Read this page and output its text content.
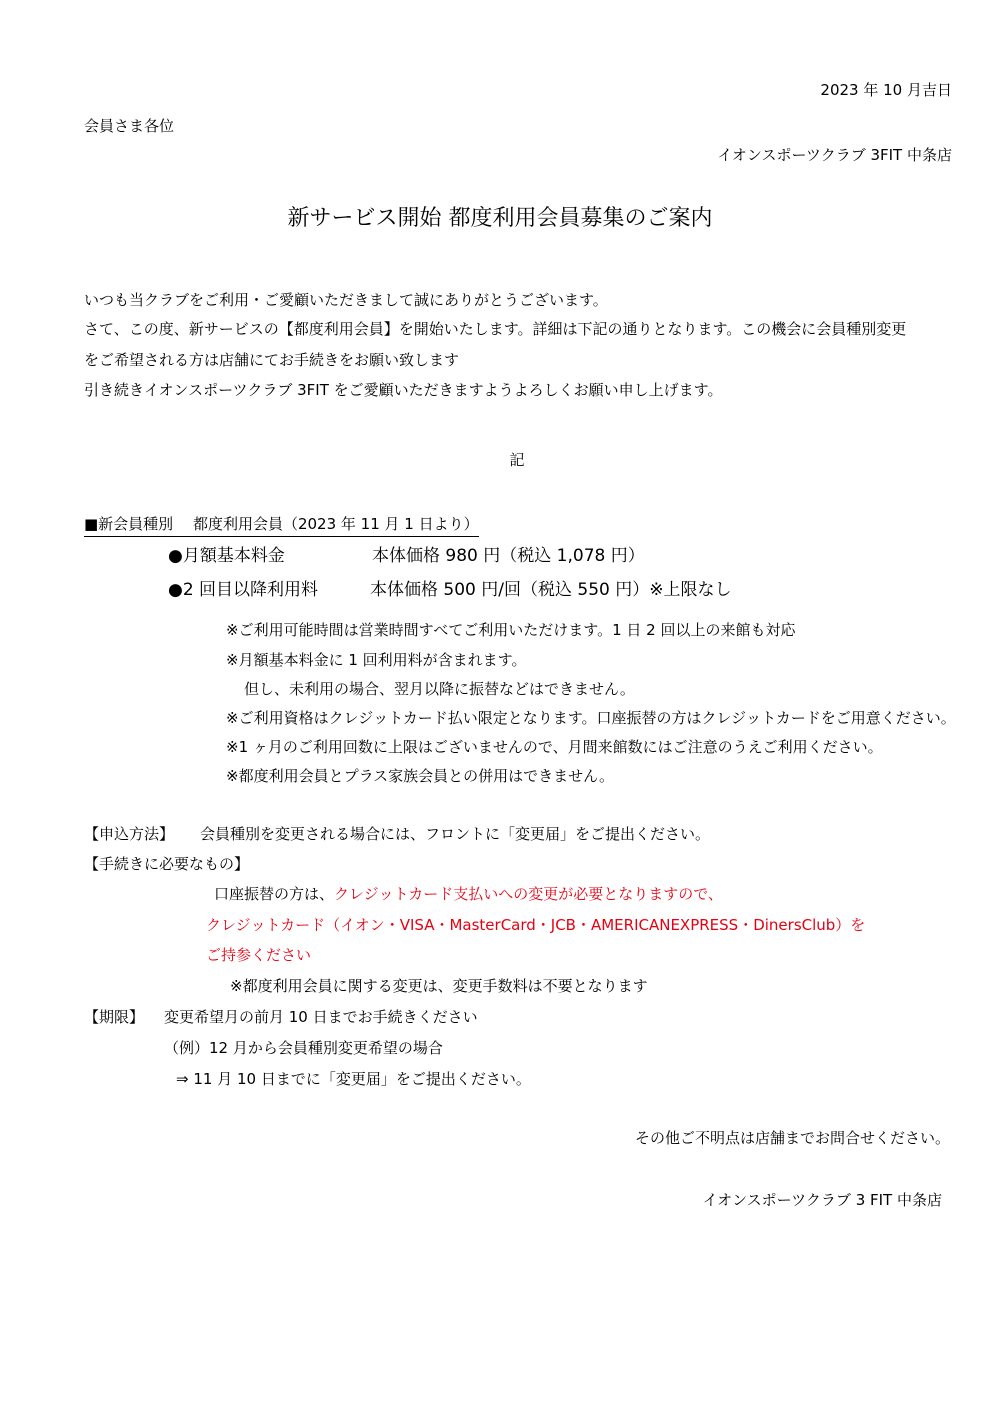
2023 年 10 月吉日
会員さま各位
イオンスポーツクラブ 3FIT 中条店
新サービス開始 都度利用会員募集のご案内
いつも当クラブをご利用・ご愛顧いただきまして誠にありがとうございます。
さて、この度、新サービスの【都度利用会員】を開始いたします。詳細は下記の通りとなります。この機会に会員種別変更
をご希望される方は店舗にてお手続きをお願い致します
引き続きイオンスポーツクラブ 3FIT をご愛顧いただきますようよろしくお願い申し上げます。
記
■新会員種別　 都度利用会員（2023 年 11 月 1 日より）
●月額基本料金	本体価格 980 円（税込 1,078 円）
●2 回目以降利用料	本体価格 500 円/回（税込 550 円）※上限なし
※ご利用可能時間は営業時間すべてご利用いただけます。1 日 2 回以上の来館も対応
※月額基本料金に 1 回利用料が含まれます。
但し、未利用の場合、翌月以降に振替などはできません。
※ご利用資格はクレジットカード払い限定となります。口座振替の方はクレジットカードをご用意ください。
※1 ヶ月のご利用回数に上限はございませんので、月間来館数にはご注意のうえご利用ください。
※都度利用会員とプラス家族会員との併用はできません。
【申込方法】 会員種別を変更される場合には、フロントに「変更届」をご提出ください。
【手続きに必要なもの】
口座振替の方は、クレジットカード支払いへの変更が必要となりますので、
クレジットカード（イオン・VISA・MasterCard・JCB・AMERICANEXPRESS・DinersClub）を
ご持参ください
※都度利用会員に関する変更は、変更手数料は不要となります
【期限】 変更希望月の前月 10 日までお手続きください
（例）12 月から会員種別変更希望の場合
⇒ 11 月 10 日までに「変更届」をご提出ください。
その他ご不明点は店舗までお問合せください。
イオンスポーツクラブ 3 FIT 中条店
